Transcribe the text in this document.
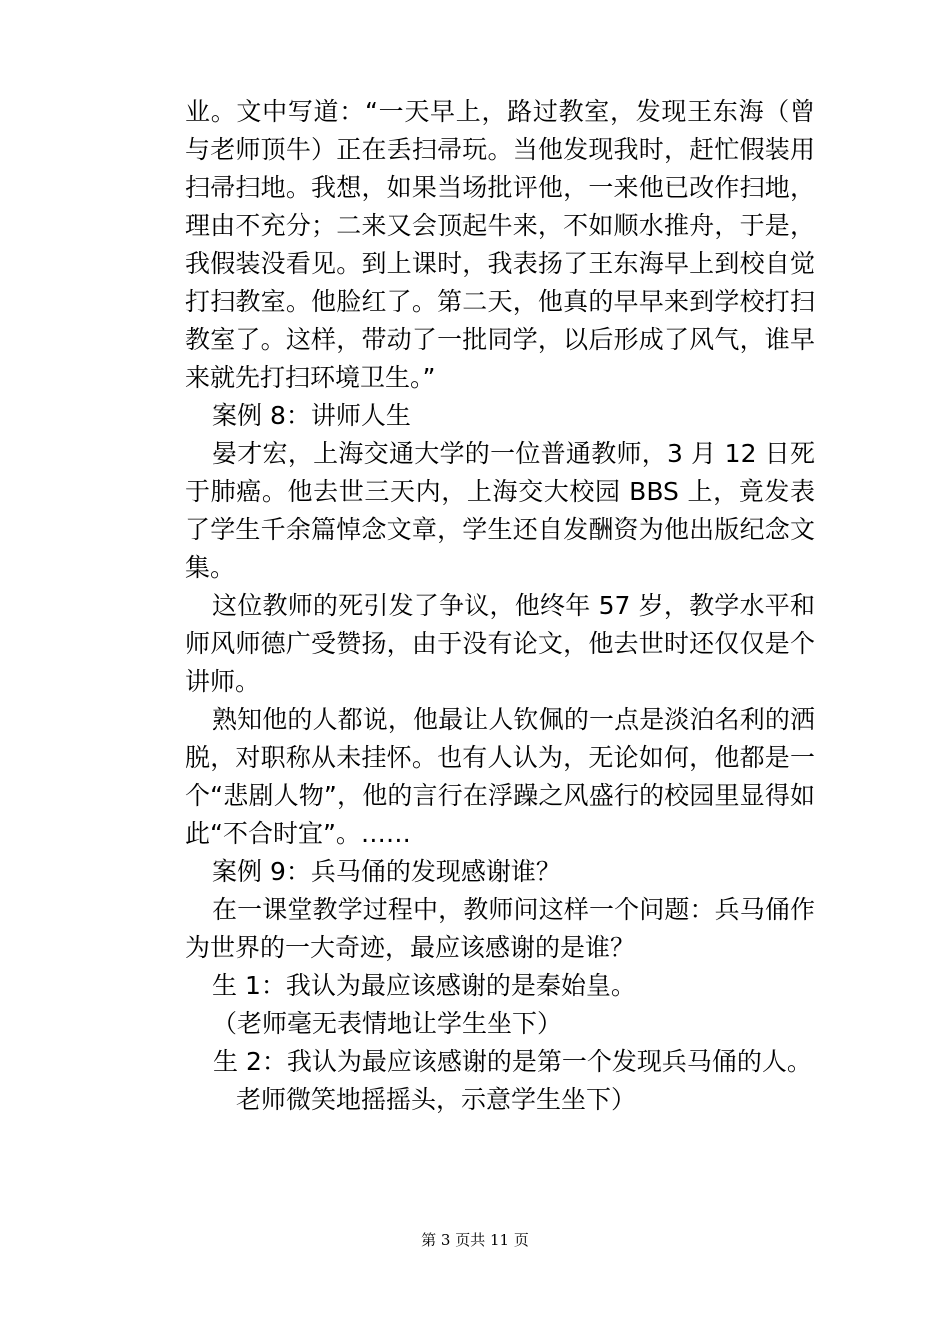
业。文中写道：“一天早上，路过教室，发现王东海（曾与老师顶牛）正在丢扫帚玩。当他发现我时，赶忙假装用扫帚扫地。我想，如果当场批评他，一来他已改作扫地，理由不充分；二来又会顶起牛来，不如顺水推舟，于是，我假装没看见。到上课时，我表扬了王东海早上到校自觉打扫教室。他脸红了。第二天，他真的早早来到学校打扫教室了。这样，带动了一批同学，以后形成了风气，谁早来就先打扫环境卫生。”

案例 8：讲师人生

晏才宏，上海交通大学的一位普通教师，3 月 12 日死于肺癌。他去世三天内，上海交大校园 BBS 上，竟发表了学生千余篇悼念文章，学生还自发酬资为他出版纪念文集。

这位教师的死引发了争议，他终年 57 岁，教学水平和师风师德广受赞扬，由于没有论文，他去世时还仅仅是个讲师。

熟知他的人都说，他最让人钦佩的一点是淡泊名利的洒脱，对职称从未挂怀。也有人认为，无论如何，他都是一个“悲剧人物”，他的言行在浮躁之风盛行的校园里显得如此“不合时宜”。……

案例 9：兵马俑的发现感谢谁？

在一课堂教学过程中，教师问这样一个问题：兵马俑作为世界的一大奇迹，最应该感谢的是谁？

生 1：我认为最应该感谢的是秦始皇。

（老师毫无表情地让学生坐下）

生 2：我认为最应该感谢的是第一个发现兵马俑的人。

老师微笑地摇摇头，示意学生坐下）

第 3 页共 11 页
